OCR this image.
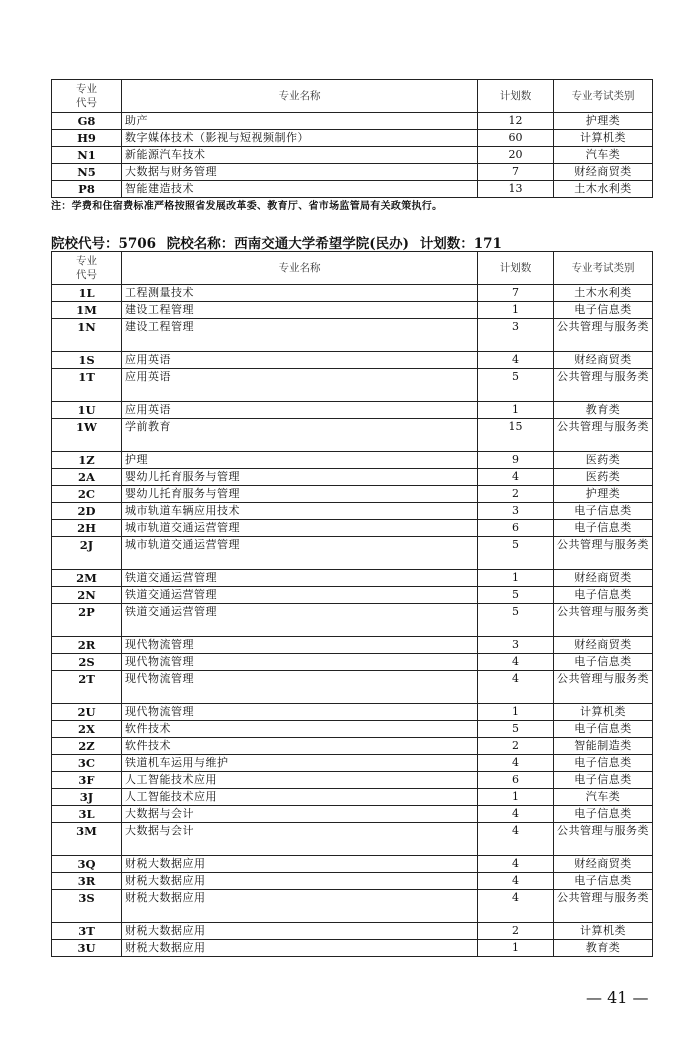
专业
代号	专业名称	计划数	专业考试类别
G8	助产	12	护理类
H9	数字媒体技术（影视与短视频制作）	60	计算机类
N1	新能源汽车技术	20	汽车类
N5	大数据与财务管理	7	财经商贸类
P8	智能建造技术	13	土木水利类
注：学费和住宿费标准严格按照省发展改革委、教育厅、省市场监管局有关政策执行。
院校代号：5706 院校名称：西南交通大学希望学院(民办) 计划数：171
专业
代号	专业名称	计划数	专业考试类别
1L	工程测量技术	7	土木水利类
1M	建设工程管理	1	电子信息类
1N	建设工程管理	3	公共管理与服务类
1S	应用英语	4	财经商贸类
1T	应用英语	5	公共管理与服务类
1U	应用英语	1	教育类
1W	学前教育	15	公共管理与服务类
1Z	护理	9	医药类
2A	婴幼儿托育服务与管理	4	医药类
2C	婴幼儿托育服务与管理	2	护理类
2D	城市轨道车辆应用技术	3	电子信息类
2H	城市轨道交通运营管理	6	电子信息类
2J	城市轨道交通运营管理	5	公共管理与服务类
2M	铁道交通运营管理	1	财经商贸类
2N	铁道交通运营管理	5	电子信息类
2P	铁道交通运营管理	5	公共管理与服务类
2R	现代物流管理	3	财经商贸类
2S	现代物流管理	4	电子信息类
2T	现代物流管理	4	公共管理与服务类
2U	现代物流管理	1	计算机类
2X	软件技术	5	电子信息类
2Z	软件技术	2	智能制造类
3C	铁道机车运用与维护	4	电子信息类
3F	人工智能技术应用	6	电子信息类
3J	人工智能技术应用	1	汽车类
3L	大数据与会计	4	电子信息类
3M	大数据与会计	4	公共管理与服务类
3Q	财税大数据应用	4	财经商贸类
3R	财税大数据应用	4	电子信息类
3S	财税大数据应用	4	公共管理与服务类
3T	财税大数据应用	2	计算机类
3U	财税大数据应用	1	教育类
— 41 —
